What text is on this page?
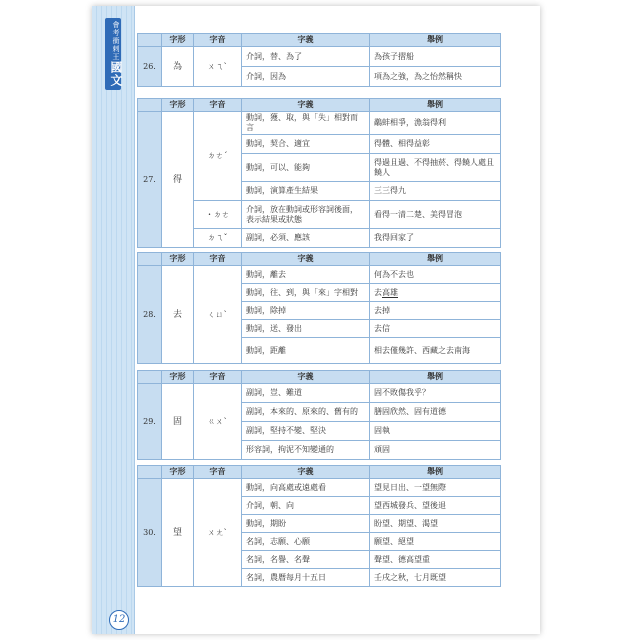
會考衝刺王國文
12
	字形	字音	字義	舉例
26.	為	ㄨㄟˋ	介詞，替、為了	為孩子摺船
			介詞，因為	項為之強，為之怡然稱快
	字形	字音	字義	舉例
27.	得	ㄉㄜˊ	動詞，獲、取，與「失」相對而言	鷸蚌相爭，漁翁得利
			動詞，契合、適宜	得體、相得益彰
			動詞，可以、能夠	得過且過、不得抽菸、得饒人處且饒人
			動詞，演算產生結果	三三得九
		・ㄉㄜ	介詞，放在動詞或形容詞後面，表示結果或狀態	看得一清二楚、美得冒泡
		ㄉㄟˇ	副詞，必須、應該	我得回家了
	字形	字音	字義	舉例
28.	去	ㄑㄩˋ	動詞，離去	何為不去也
			動詞，往、到，與「來」字相對	去高雄
			動詞，除掉	去掉
			動詞，送、發出	去信
			動詞，距離	相去僅幾許、西藏之去南海
	字形	字音	字義	舉例
29.	固	ㄍㄨˋ	副詞，豈、難道	固不敗傷我乎？
			副詞，本來的、原來的、舊有的	膳固欣然、固有道德
			副詞，堅持不變、堅決	固執
			形容詞，拘泥不知變通的	頑固
	字形	字音	字義	舉例
30.	望	ㄨㄤˋ	動詞，向高處或遠處看	望見日出、一望無際
			介詞，朝、向	望西城發兵、望後退
			動詞，期盼	盼望、期望、渴望
			名詞，志願、心願	願望、絕望
			名詞，名譽、名聲	聲望、德高望重
			名詞，農曆每月十五日	壬戌之秋，七月既望
